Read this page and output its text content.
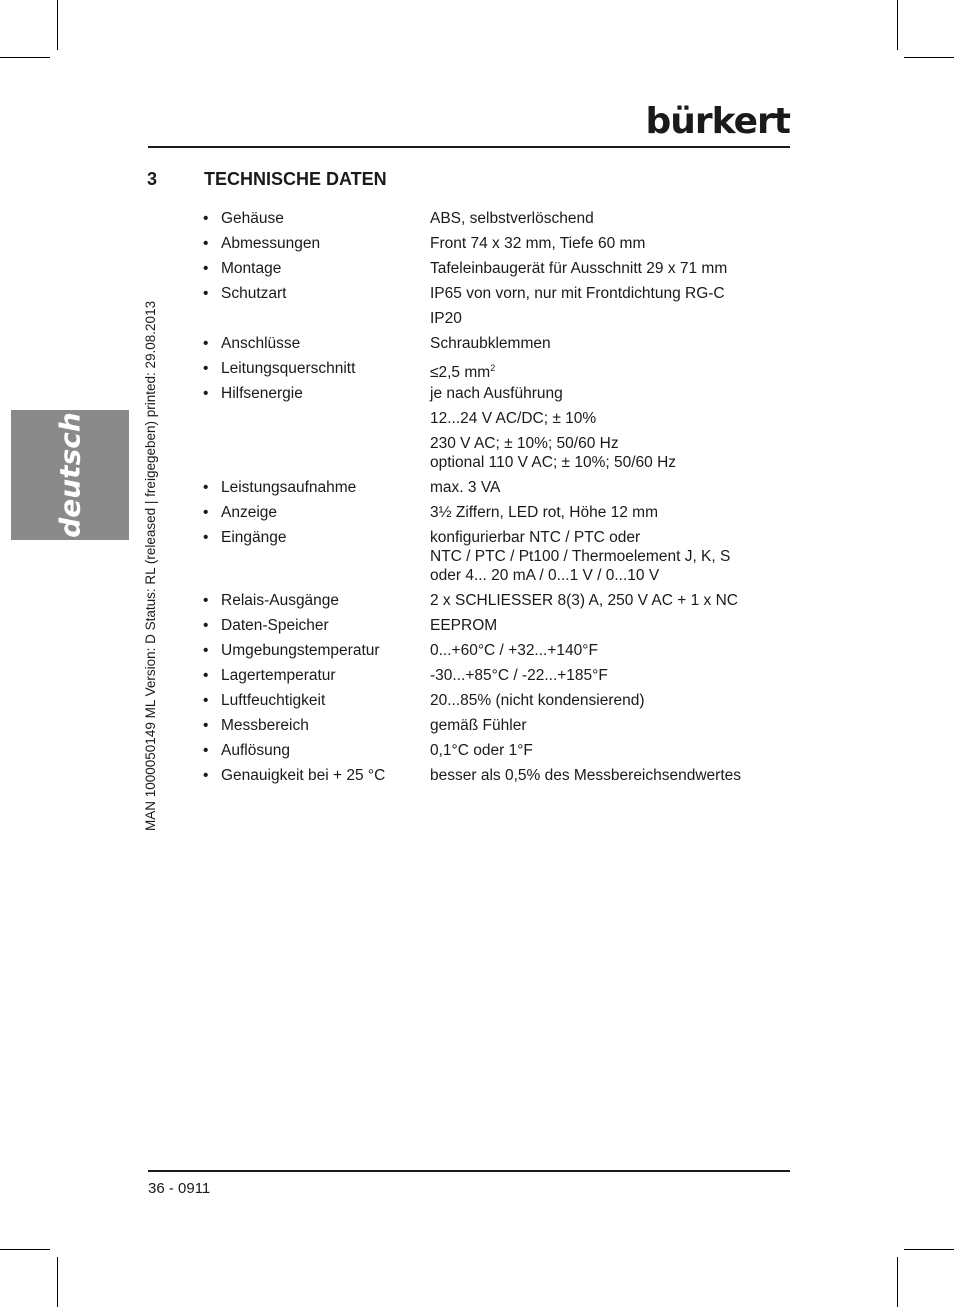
bürkert
3	TECHNISCHE DATEN
deutsch	MAN 1000050149 ML Version: D Status: RL (released | freigegeben) printed: 29.08.2013
• Gehäuse	ABS, selbstverlöschend
• Abmessungen	Front 74 x 32 mm, Tiefe 60 mm
• Montage	Tafeleinbaugerät für Ausschnitt 29 x 71 mm
• Schutzart	IP65 von vorn, nur mit Frontdichtung RG-C
IP20
• Anschlüsse	Schraubklemmen
• Leitungsquerschnitt	≤2,5 $mm^2$
• Hilfsenergie	je nach Ausführung
12...24 V AC/DC; ± 10%
230 V AC; ± 10%; 50/60 Hz
optional 110 V AC; ± 10%; 50/60 Hz
• Leistungsaufnahme	max. 3 VA
• Anzeige	3½ Ziffern, LED rot, Höhe 12 mm
• Eingänge	konfigurierbar NTC / PTC oder
NTC / PTC / Pt100 / Thermoelement J, K, S
oder 4... 20 mA / 0...1 V / 0...10 V
• Relais-Ausgänge	2 x SCHLIESSER 8(3) A, 250 V AC + 1 x NC
• Daten-Speicher	EEPROM
• Umgebungstemperatur	0...+60°C / +32...+140°F
• Lagertemperatur	-30...+85°C / -22...+185°F
• Luftfeuchtigkeit	20...85% (nicht kondensierend)
• Messbereich	gemäß Fühler
• Auflösung	0,1°C oder 1°F
• Genauigkeit bei + 25 °C	besser als 0,5% des Messbereichsendwertes
36 - 0911
